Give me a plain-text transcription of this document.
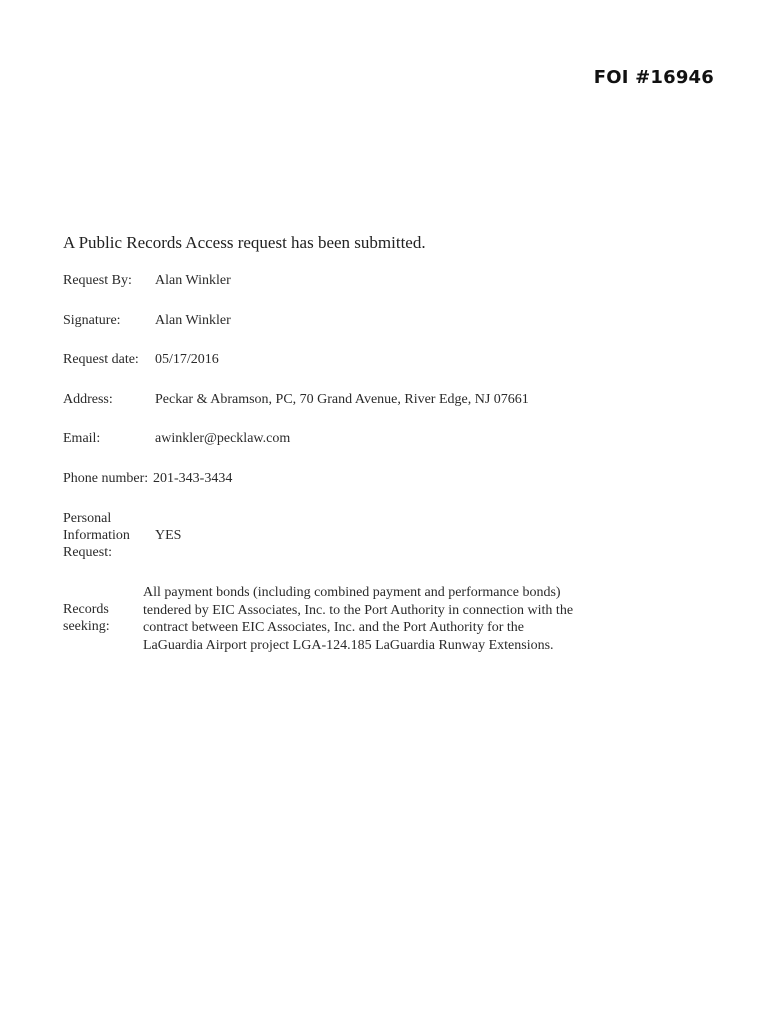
FOI #16946
A Public Records Access request has been submitted.
Request By: Alan Winkler
Signature: Alan Winkler
Request date: 05/17/2016
Address:	Peckar & Abramson, PC, 70 Grand Avenue, River Edge, NJ 07661
Email:	awinkler@pecklaw.com
Phone number: 201-343-3434
Personal
Information
Request:
YES
Records
seeking:
All payment bonds (including combined payment and performance bonds)
tendered by EIC Associates, Inc. to the Port Authority in connection with the
contract between EIC Associates, Inc. and the Port Authority for the
LaGuardia Airport project LGA-124.185 LaGuardia Runway Extensions.
